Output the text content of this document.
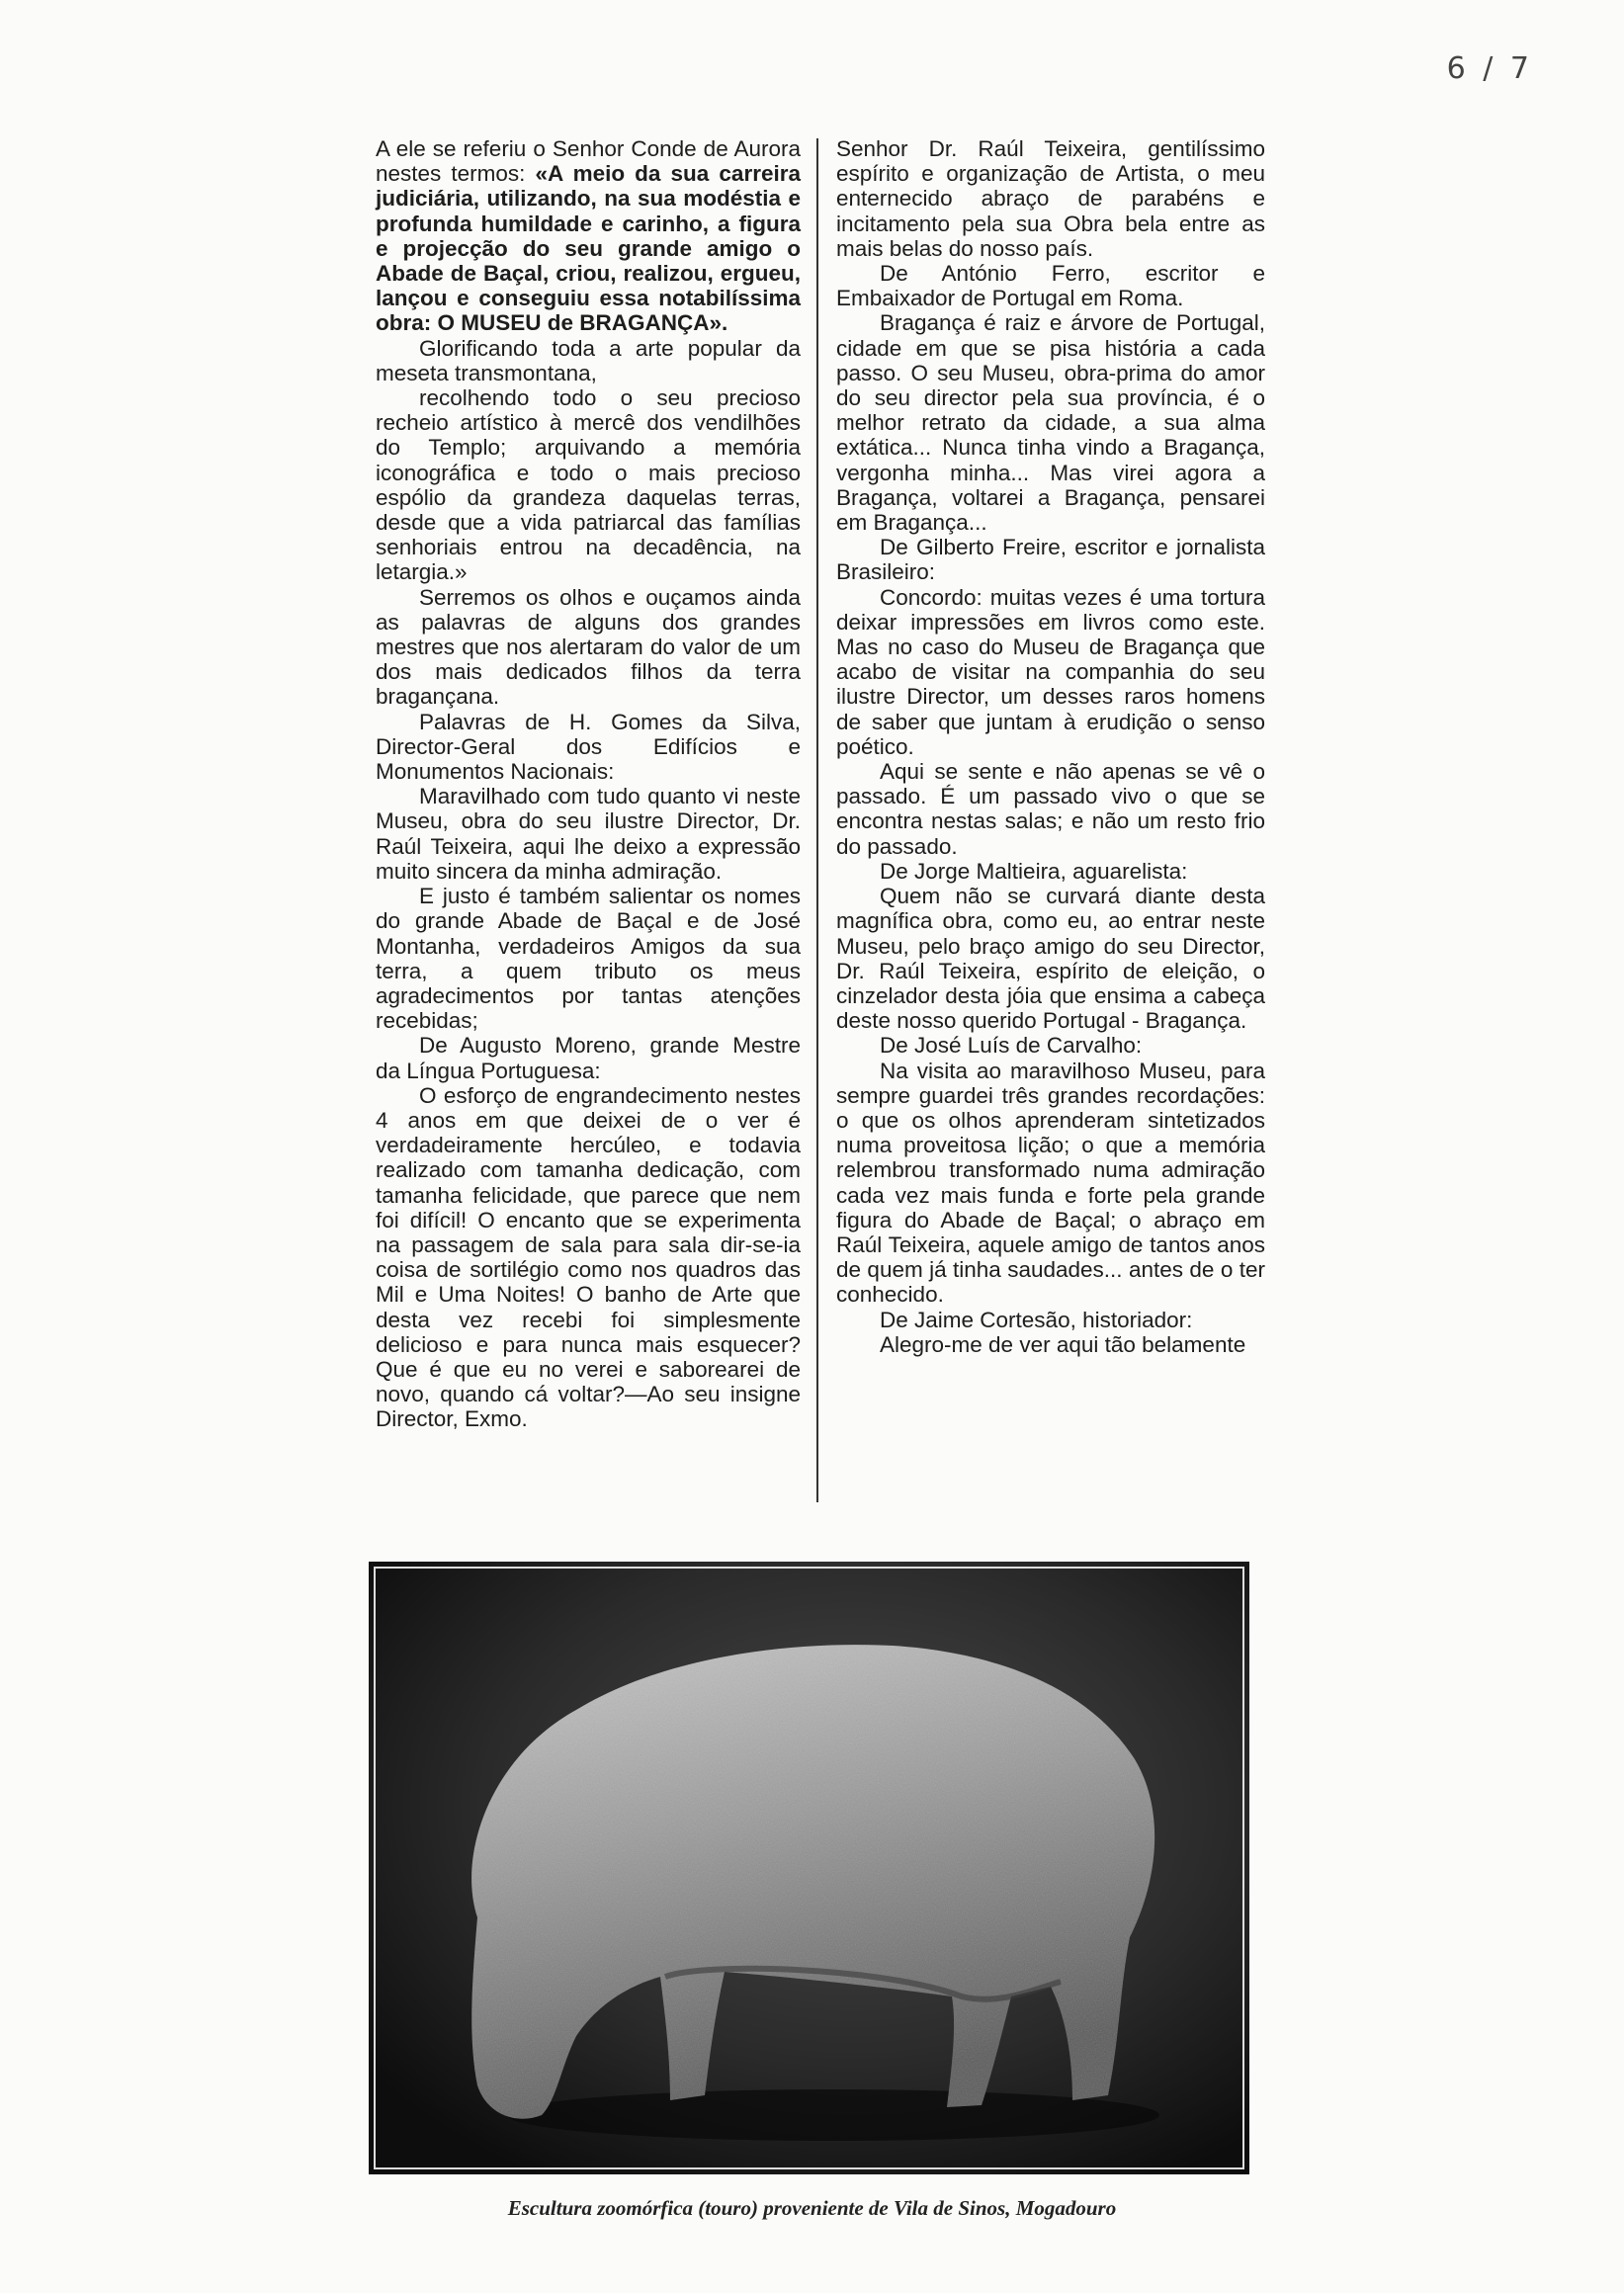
6 / 7

A ele se referiu o Senhor Conde de Aurora nestes termos: «A meio da sua carreira judiciária, utilizando, na sua modéstia e profunda humildade e carinho, a figura e projecção do seu grande amigo o Abade de Baçal, criou, realizou, ergueu, lançou e conseguiu essa notabilíssima obra: O MUSEU de BRAGANÇA».

Glorificando toda a arte popular da meseta transmontana,

recolhendo todo o seu precioso recheio artístico à mercê dos vendilhões do Templo; arquivando a memória iconográfica e todo o mais precioso espólio da grandeza daquelas terras, desde que a vida patriarcal das famílias senhoriais entrou na decadência, na letargia.»

Serremos os olhos e ouçamos ainda as palavras de alguns dos grandes mestres que nos alertaram do valor de um dos mais dedicados filhos da terra bragançana.

Palavras de H. Gomes da Silva, Director-Geral dos Edifícios e Monumentos Nacionais:

Maravilhado com tudo quanto vi neste Museu, obra do seu ilustre Director, Dr. Raúl Teixeira, aqui lhe deixo a expressão muito sincera da minha admiração.

E justo é também salientar os nomes do grande Abade de Baçal e de José Montanha, verdadeiros Amigos da sua terra, a quem tributo os meus agradecimentos por tantas atenções recebidas;

De Augusto Moreno, grande Mestre da Língua Portuguesa:

O esforço de engrandecimento nestes 4 anos em que deixei de o ver é verdadeiramente hercúleo, e todavia realizado com tamanha dedicação, com tamanha felicidade, que parece que nem foi difícil! O encanto que se experimenta na passagem de sala para sala dir-se-ia coisa de sortilégio como nos quadros das Mil e Uma Noites! O banho de Arte que desta vez recebi foi simplesmente delicioso e para nunca mais esquecer? Que é que eu no verei e saborearei de novo, quando cá voltar?—Ao seu insigne Director, Exmo.

Senhor Dr. Raúl Teixeira, gentilíssimo espírito e organização de Artista, o meu enternecido abraço de parabéns e incitamento pela sua Obra bela entre as mais belas do nosso país.

De António Ferro, escritor e Embaixador de Portugal em Roma.

Bragança é raiz e árvore de Portugal, cidade em que se pisa história a cada passo. O seu Museu, obra-prima do amor do seu director pela sua província, é o melhor retrato da cidade, a sua alma extática... Nunca tinha vindo a Bragança, vergonha minha... Mas virei agora a Bragança, voltarei a Bragança, pensarei em Bragança...

De Gilberto Freire, escritor e jornalista Brasileiro:

Concordo: muitas vezes é uma tortura deixar impressões em livros como este. Mas no caso do Museu de Bragança que acabo de visitar na companhia do seu ilustre Director, um desses raros homens de saber que juntam à erudição o senso poético.

Aqui se sente e não apenas se vê o passado. É um passado vivo o que se encontra nestas salas; e não um resto frio do passado.

De Jorge Maltieira, aguarelista:

Quem não se curvará diante desta magnífica obra, como eu, ao entrar neste Museu, pelo braço amigo do seu Director, Dr. Raúl Teixeira, espírito de eleição, o cinzelador desta jóia que ensima a cabeça deste nosso querido Portugal - Bragança.

De José Luís de Carvalho:

Na visita ao maravilhoso Museu, para sempre guardei três grandes recordações: o que os olhos aprenderam sintetizados numa proveitosa lição; o que a memória relembrou transformado numa admiração cada vez mais funda e forte pela grande figura do Abade de Baçal; o abraço em Raúl Teixeira, aquele amigo de tantos anos de quem já tinha saudades... antes de o ter conhecido.

De Jaime Cortesão, historiador:

Alegro-me de ver aqui tão belamente

Escultura zoomórfica (touro) proveniente de Vila de Sinos, Mogadouro
